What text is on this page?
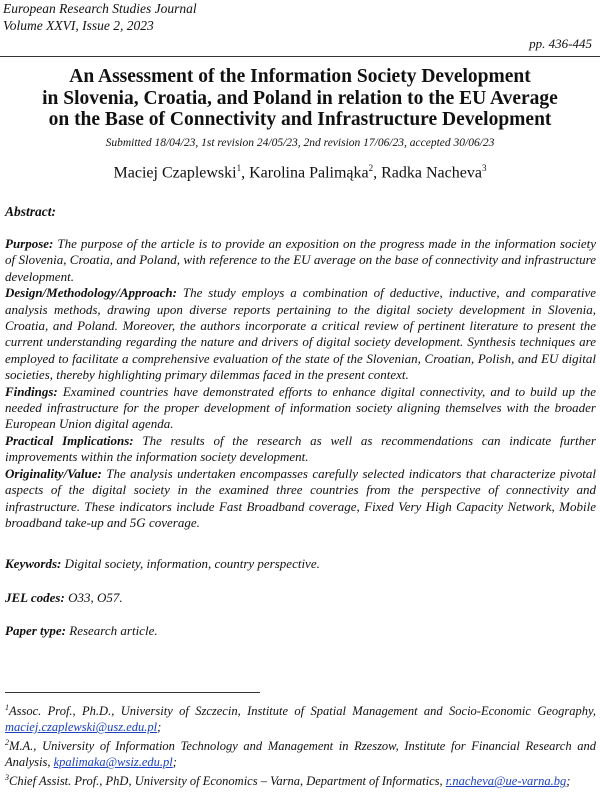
European Research Studies Journal
Volume XXVI, Issue 2, 2023
pp. 436-445
An Assessment of the Information Society Development
in Slovenia, Croatia, and Poland in relation to the EU Average
on the Base of Connectivity and Infrastructure Development
Submitted 18/04/23, 1st revision 24/05/23, 2nd revision 17/06/23, accepted 30/06/23
Maciej Czaplewski$^1$, Karolina Palimąka$^2$, Radka Nacheva$^3$
Abstract:

Purpose: The purpose of the article is to provide an exposition on the progress made in the information society of Slovenia, Croatia, and Poland, with reference to the EU average on the base of connectivity and infrastructure development.

Design/Methodology/Approach: The study employs a combination of deductive, inductive, and comparative analysis methods, drawing upon diverse reports pertaining to the digital society development in Slovenia, Croatia, and Poland. Moreover, the authors incorporate a critical review of pertinent literature to present the current understanding regarding the nature and drivers of digital society development. Synthesis techniques are employed to facilitate a comprehensive evaluation of the state of the Slovenian, Croatian, Polish, and EU digital societies, thereby highlighting primary dilemmas faced in the present context.

Findings: Examined countries have demonstrated efforts to enhance digital connectivity, and to build up the needed infrastructure for the proper development of information society aligning themselves with the broader European Union digital agenda.

Practical Implications: The results of the research as well as recommendations can indicate further improvements within the information society development.

Originality/Value: The analysis undertaken encompasses carefully selected indicators that characterize pivotal aspects of the digital society in the examined three countries from the perspective of connectivity and infrastructure. These indicators include Fast Broadband coverage, Fixed Very High Capacity Network, Mobile broadband take-up and 5G coverage.

Keywords: Digital society, information, country perspective.
JEL codes: O33, O57.
Paper type: Research article.

$^1$Assoc. Prof., Ph.D., University of Szczecin, Institute of Spatial Management and Socio-Economic Geography, maciej.czaplewski@usz.edu.pl;

$^2$M.A., University of Information Technology and Management in Rzeszow, Institute for Financial Research and Analysis, kpalimaka@wsiz.edu.pl;

$^3$Chief Assist. Prof., PhD, University of Economics – Varna, Department of Informatics, r.nacheva@ue-varna.bg;
